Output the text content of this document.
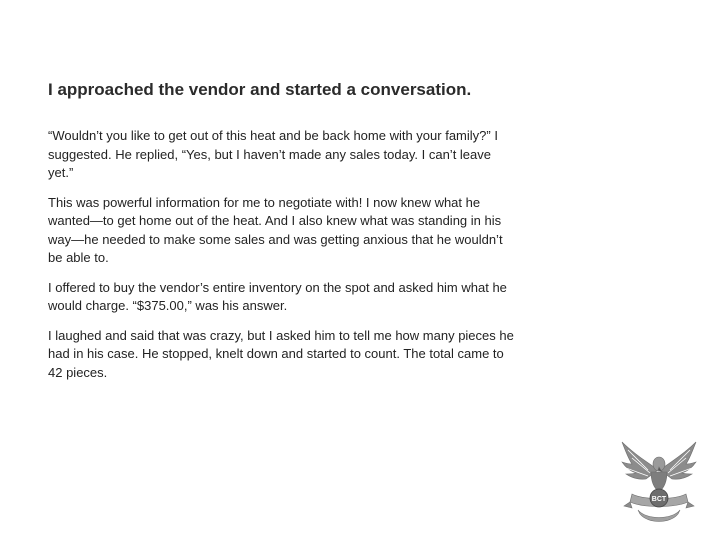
I approached the vendor and started a conversation.

“Wouldn’t you like to get out of this heat and be back home with your family?” I suggested. He replied, “Yes, but I haven’t made any sales today. I can’t leave yet.”

This was powerful information for me to negotiate with! I now knew what he wanted—to get home out of the heat. And I also knew what was standing in his way—he needed to make some sales and was getting anxious that he wouldn’t be able to.

I offered to buy the vendor’s entire inventory on the spot and asked him what he would charge. “$375.00,” was his answer.

I laughed and said that was crazy, but I asked him to tell me how many pieces he had in his case. He stopped, knelt down and started to count. The total came to 42 pieces.

BCT
